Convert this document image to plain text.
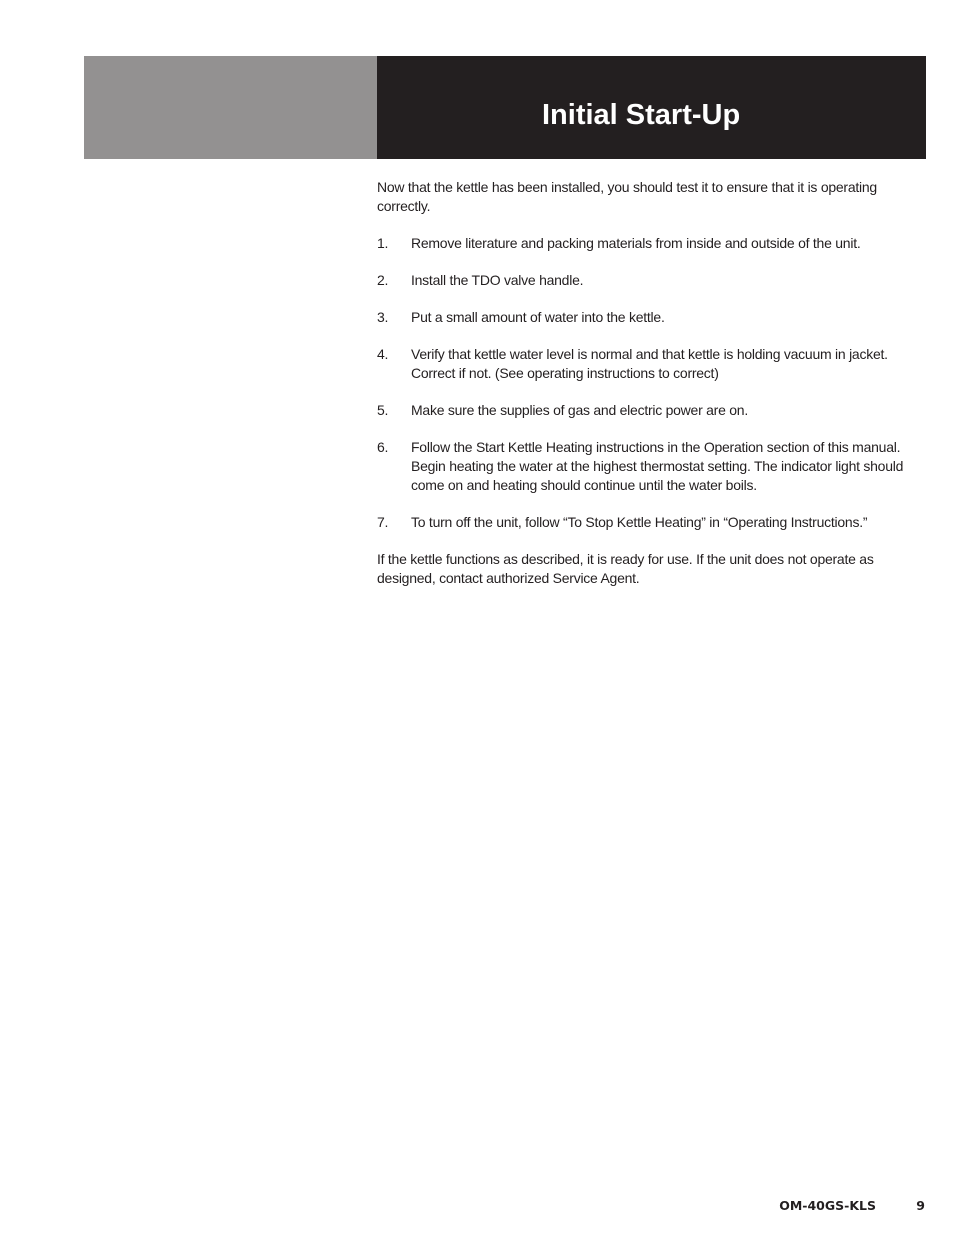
Initial Start-Up

Now that the kettle has been installed, you should test it to ensure that it is operating correctly.

1.	Remove literature and packing materials from inside and outside of the unit.
2.	Install the TDO valve handle.
3.	Put a small amount of water into the kettle.
4.	Verify that kettle water level is normal and that kettle is holding vacuum in jacket. Correct if not. (See operating instructions to correct)
5.	Make sure the supplies of gas and electric power are on.
6.	Follow the Start Kettle Heating instructions in the Operation section of this manual. Begin heating the water at the highest thermostat setting. The indicator light should come on and heating should continue until the water boils.
7.	To turn off the unit, follow “To Stop Kettle Heating” in “Operating Instructions.”

If the kettle functions as described, it is ready for use. If the unit does not operate as designed, contact authorized Service Agent.

OM-40GS-KLS	9
